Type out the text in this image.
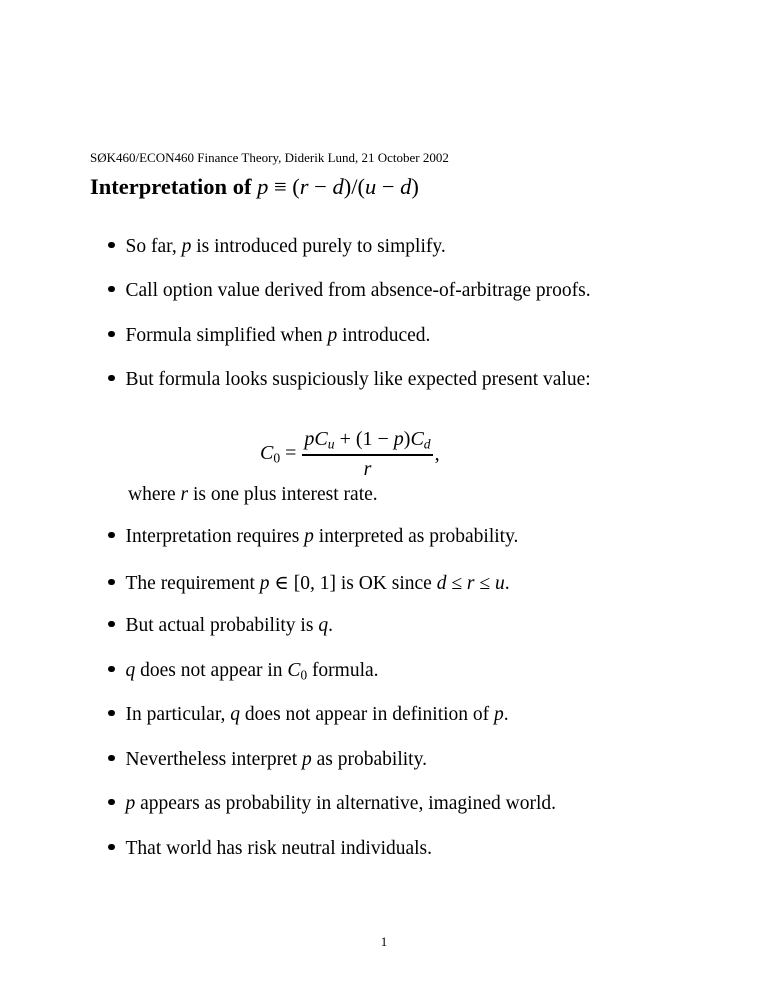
SØK460/ECON460 Finance Theory, Diderik Lund, 21 October 2002
Interpretation of p ≡ (r − d)/(u − d)
So far, p is introduced purely to simplify.
Call option value derived from absence-of-arbitrage proofs.
Formula simplified when p introduced.
But formula looks suspiciously like expected present value:
$C_0 = \frac{pC_u + (1 - p)C_d}{r}$ ,
where r is one plus interest rate.
Interpretation requires p interpreted as probability.
The requirement p ∈ [0, 1] is OK since d ≤ r ≤ u.
But actual probability is q.
q does not appear in $C_0$ formula.
In particular, q does not appear in definition of p.
Nevertheless interpret p as probability.
p appears as probability in alternative, imagined world.
That world has risk neutral individuals.
1
